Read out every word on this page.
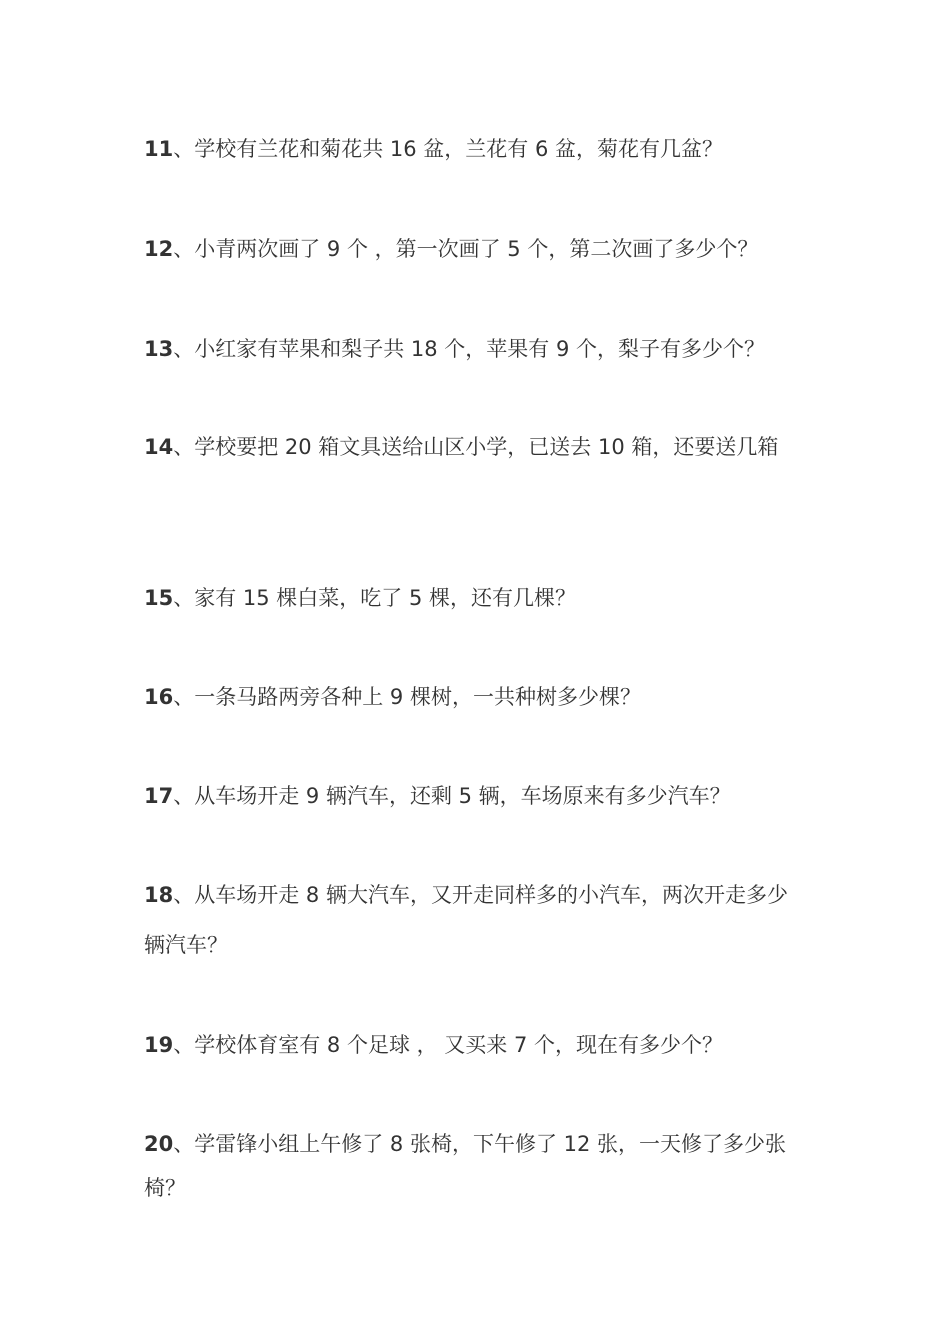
11、学校有兰花和菊花共 16 盆，兰花有 6 盆，菊花有几盆？
12、小青两次画了 9 个 ，第一次画了 5 个，第二次画了多少个？
13、小红家有苹果和梨子共 18 个，苹果有 9 个，梨子有多少个？
14、学校要把 20 箱文具送给山区小学，已送去 10 箱，还要送几箱
15、家有 15 棵白菜，吃了 5 棵，还有几棵？
16、一条马路两旁各种上 9 棵树，一共种树多少棵？
17、从车场开走 9 辆汽车，还剩 5 辆，车场原来有多少汽车？
18、从车场开走 8 辆大汽车，又开走同样多的小汽车，两次开走多少
辆汽车？
19、学校体育室有 8 个足球 ， 又买来 7 个，现在有多少个？
20、学雷锋小组上午修了 8 张椅，下午修了 12 张，一天修了多少张
椅？
